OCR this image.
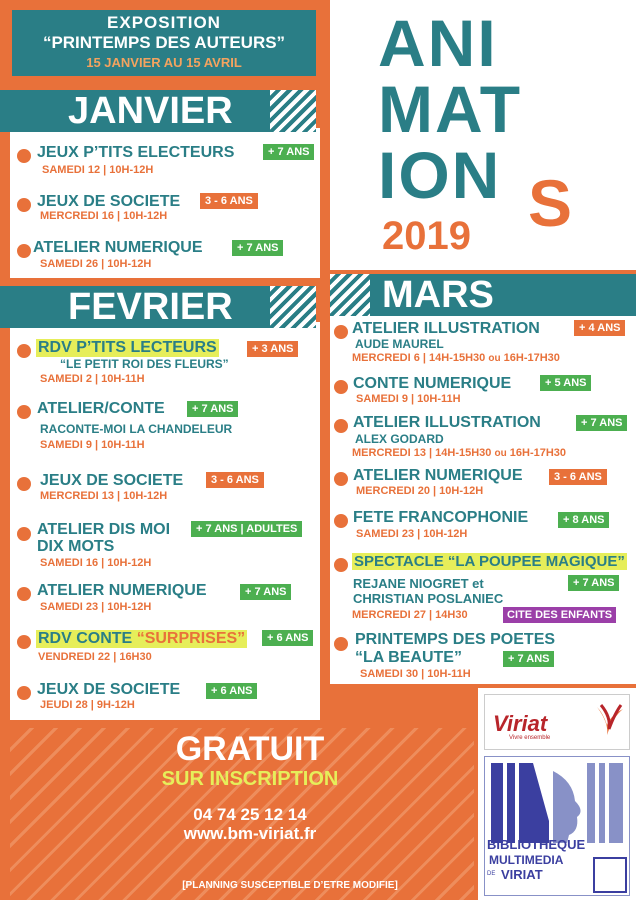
EXPOSITION
“PRINTEMPS DES AUTEURS”
15 JANVIER AU 15 AVRIL	ANI
MAT
ION S
2019
JANVIER
JEUX P’TITS ELECTEURS	+ 7 ANS
SAMEDI 12 | 10H-12H
JEUX DE SOCIETE	3 - 6 ANS
MERCREDI 16 | 10H-12H
ATELIER NUMERIQUE	+ 7 ANS
SAMEDI 26 | 10H-12H
FEVRIER
RDV P’TITS LECTEURS	+ 3 ANS
“LE PETIT ROI DES FLEURS”
SAMEDI 2 | 10H-11H
ATELIER/CONTE	+ 7 ANS
RACONTE-MOI LA CHANDELEUR
SAMEDI 9 | 10H-11H
JEUX DE SOCIETE	3 - 6 ANS
MERCREDI 13 | 10H-12H
ATELIER DIS MOI
DIX MOTS
+ 7 ANS | ADULTES
SAMEDI 16 | 10H-12H
ATELIER NUMERIQUE	+ 7 ANS
SAMEDI 23 | 10H-12H
RDV CONTE “SURPRISES”	+ 6 ANS
VENDREDI 22 | 16H30
JEUX DE SOCIETE	+ 6 ANS
JEUDI 28 | 9H-12H
MARS
ATELIER ILLUSTRATION	+ 4 ANS
AUDE MAUREL
MERCREDI 6 | 14H-15H30 ou 16H-17H30
CONTE NUMERIQUE	+ 5 ANS
SAMEDI 9 | 10H-11H
ATELIER ILLUSTRATION	+ 7 ANS
ALEX GODARD
MERCREDI 13 | 14H-15H30 ou 16H-17H30
ATELIER NUMERIQUE	3 - 6 ANS
MERCREDI 20 | 10H-12H
FETE FRANCOPHONIE	+ 8 ANS
SAMEDI 23 | 10H-12H
SPECTACLE “LA POUPEE MAGIQUE”
REJANE NIOGRET et	+ 7 ANS
CHRISTIAN POSLANIEC
MERCREDI 27 | 14H30	CITE DES ENFANTS
PRINTEMPS DES POETES
“LA BEAUTE”	+ 7 ANS
SAMEDI 30 | 10H-11H
GRATUIT
SUR INSCRIPTION
04 74 25 12 14
www.bm-viriat.fr
[PLANNING SUSCEPTIBLE D’ETRE MODIFIE]
Viriat
Vivre ensemble
BIBLIOTHEQUE
MULTIMEDIA
DE VIRIAT
